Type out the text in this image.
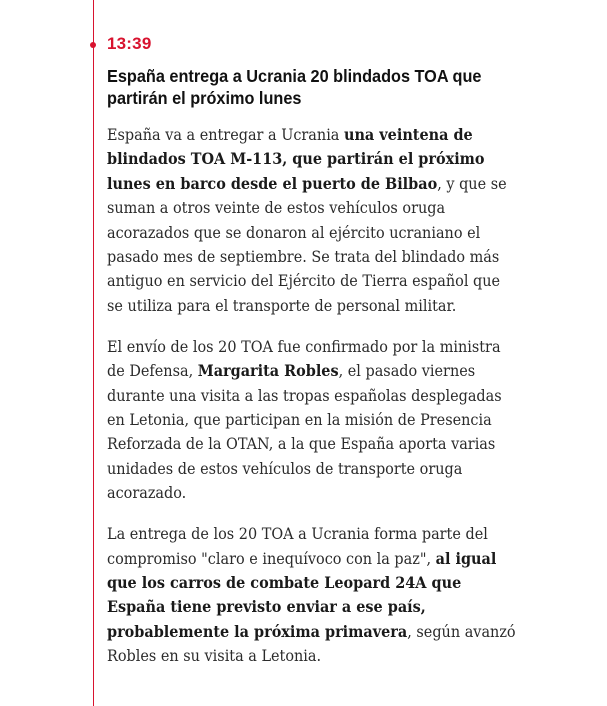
13:39
España entrega a Ucrania 20 blindados TOA que partirán el próximo lunes

España va a entregar a Ucrania una veintena de blindados TOA M-113, que partirán el próximo lunes en barco desde el puerto de Bilbao, y que se suman a otros veinte de estos vehículos oruga acorazados que se donaron al ejército ucraniano el pasado mes de septiembre. Se trata del blindado más antiguo en servicio del Ejército de Tierra español que se utiliza para el transporte de personal militar.

El envío de los 20 TOA fue confirmado por la ministra de Defensa, Margarita Robles, el pasado viernes durante una visita a las tropas españolas desplegadas en Letonia, que participan en la misión de Presencia Reforzada de la OTAN, a la que España aporta varias unidades de estos vehículos de transporte oruga acorazado.

La entrega de los 20 TOA a Ucrania forma parte del compromiso "claro e inequívoco con la paz", al igual que los carros de combate Leopard 24A que España tiene previsto enviar a ese país, probablemente la próxima primavera, según avanzó Robles en su visita a Letonia.
